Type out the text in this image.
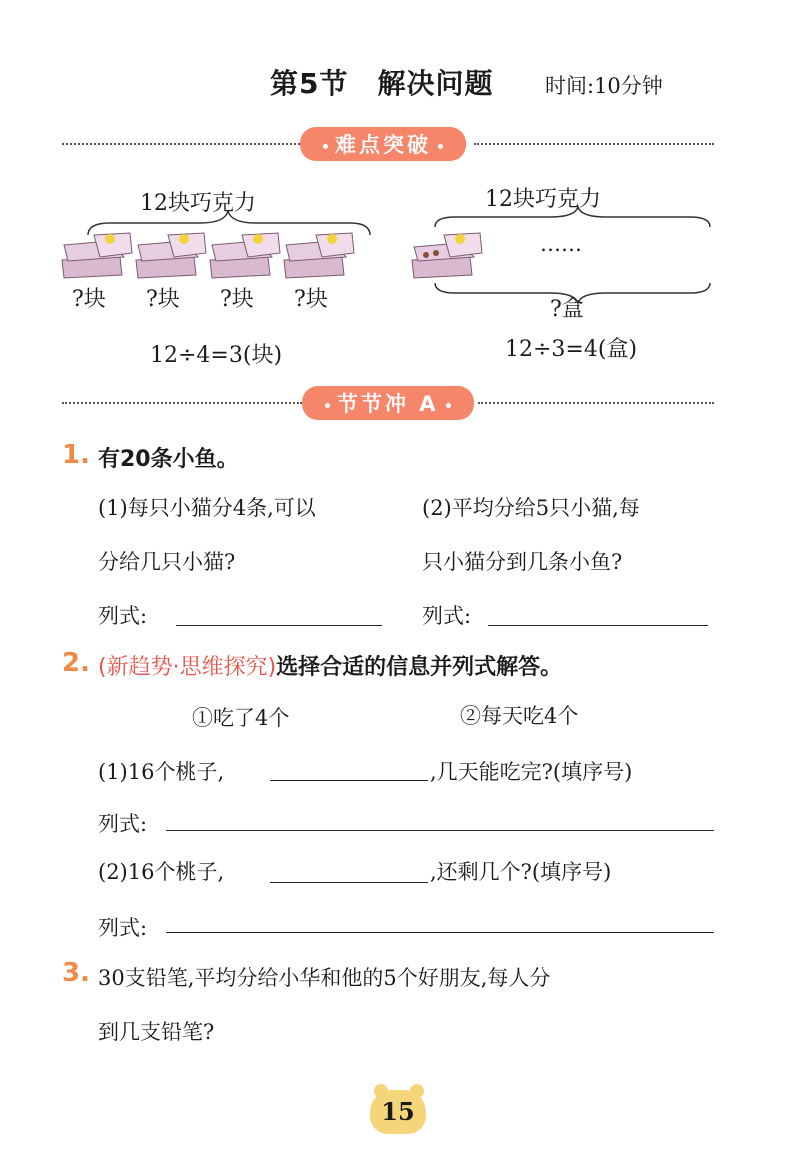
第5节　解决问题 时间:10分钟
难点突破
12块巧克力	12块巧克力
……
?块 ?块 ?块 ?块	?盒
12÷4=3(块)	12÷3=4(盒)
节节冲 A
1. 有20条小鱼。
(1)每只小猫分4条,可以
分给几只小猫?
(2)平均分给5只小猫,每
只小猫分到几条小鱼?
列式:	列式:
2. (新趋势·思维探究)选择合适的信息并列式解答。
①吃了4个	②每天吃4个
(1)16个桃子,	,几天能吃完?(填序号)
列式:
(2)16个桃子,	,还剩几个?(填序号)
列式:
3. 30支铅笔,平均分给小华和他的5个好朋友,每人分
到几支铅笔?
15
